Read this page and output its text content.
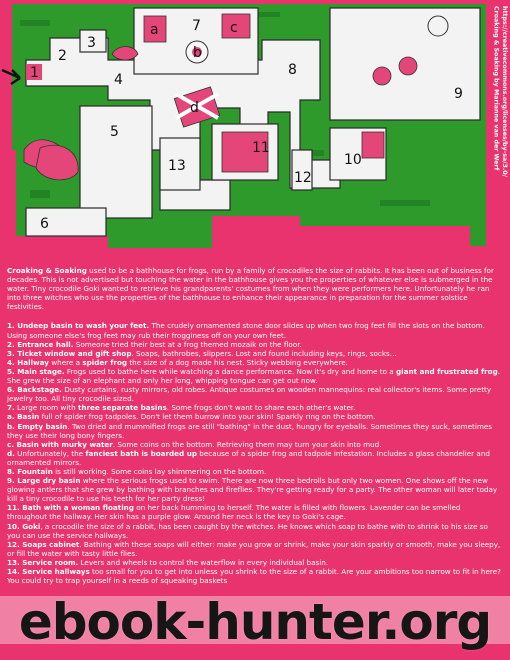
1
2
3
4
5
6
7
8
9
10
11
12
13
a
b
c
d	https://creativecommons.org/licenses/by-sa/3.0/
Croaking & Soaking by Marianne van der Werf

Croaking & Soaking used to be a bathhouse for frogs, run by a family of crocodiles the size of rabbits. It has been out of business for decades. This is not advertised but touching the water in the bathhouse gives you the properties of whatever else is submerged in the water. Tiny crocodile Goki wanted to retrieve his grandparents' costumes from when they were performers here. Unfortunately he ran into three witches who use the properties of the bathhouse to enhance their appearance in preparation for the summer solstice festivities.

1. Undeep basin to wash your feet. The crudely ornamented stone door slides up when two frog feet fill the slots on the bottom. Using someone else's frog feet may rub their frogginess off on your own feet.

2. Entrance hall. Someone tried their best at a frog themed mozaik on the floor.

3. Ticket window and gift shop. Soaps, bathrobes, slippers. Lost and found including keys, rings, socks...

4. Hallway where a spider frog the size of a dog made his nest. Sticky webbing everywhere.

5. Main stage. Frogs used to bathe here while watching a dance performance. Now it's dry and home to a giant and frustrated frog. She grew the size of an elephant and only her long, whipping tongue can get out now.

6. Backstage. Dusty curtains, rusty mirrors, old robes. Antique costumes on wooden mannequins: real collector's items. Some pretty jewelry too. All tiny crocodile sized.

7. Large room with three separate basins. Some frogs don't want to share each other's water.

a. Basin full of spider frog tadpoles. Don't let them burrow into your skin! Sparkly ring on the bottom.

b. Empty basin. Two dried and mummified frogs are still "bathing" in the dust, hungry for eyeballs. Sometimes they suck, sometimes they use their long bony fingers.

c. Basin with murky water. Some coins on the bottom. Retrieving them may turn your skin into mud.

d. Unfortunately, the fanciest bath is boarded up because of a spider frog and tadpole infestation. Includes a glass chandelier and ornamented mirrors.

8. Fountain is still working. Some coins lay shimmering on the bottom.

9. Large dry basin where the serious frogs used to swim. There are now three bedrolls but only two women. One shows off the new glowing antlers that she grew by bathing with branches and fireflies. They're getting ready for a party. The other woman will later today kill a tiny crocodile to use his teeth for her party dress!

11. Bath with a woman floating on her back humming to herself. The water is filled with flowers. Lavender can be smelled throughout the hallway. Her skin has a purple glow. Around her neck is the key to Goki's cage.

10. Goki, a crocodile the size of a rabbit, has been caught by the witches. He knows which soap to bathe with to shrink to his size so you can use the service hallways.

12. Soaps cabinet. Bathing with these soaps will either: make you grow or shrink, make your skin sparkly or smooth, make you sleepy, or fill the water with tasty little flies.

13. Service room. Levers and wheels to control the waterflow in every individual basin.

14. Service hallways too small for you to get into unless you shrink to the size of a rabbit. Are your ambitions too narrow to fit in here? You could try to trap yourself in a reeds of squeaking baskets

ebook-hunter.org
